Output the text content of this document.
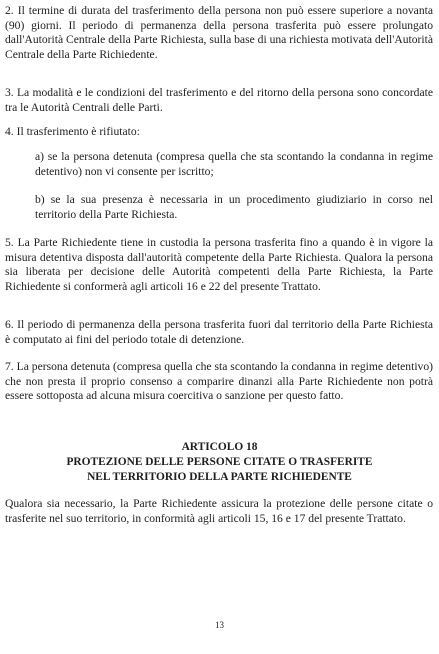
2. Il termine di durata del trasferimento della persona non può essere superiore a novanta (90) giorni. Il periodo di permanenza della persona trasferita può essere prolungato dall'Autorità Centrale della Parte Richiesta, sulla base di una richiesta motivata dell'Autorità Centrale della Parte Richiedente.

3. La modalità e le condizioni del trasferimento e del ritorno della persona sono concordate tra le Autorità Centrali delle Parti.

4. Il trasferimento è rifiutato:

a) se la persona detenuta (compresa quella che sta scontando la condanna in regime detentivo) non vi consente per iscritto;

b) se la sua presenza è necessaria in un procedimento giudiziario in corso nel territorio della Parte Richiesta.

5. La Parte Richiedente tiene in custodia la persona trasferita fino a quando è in vigore la misura detentiva disposta dall'autorità competente della Parte Richiesta. Qualora la persona sia liberata per decisione delle Autorità competenti della Parte Richiesta, la Parte Richiedente si conformerà agli articoli 16 e 22 del presente Trattato.

6. Il periodo di permanenza della persona trasferita fuori dal territorio della Parte Richiesta è computato ai fini del periodo totale di detenzione.

7. La persona detenuta (compresa quella che sta scontando la condanna in regime detentivo) che non presta il proprio consenso a comparire dinanzi alla Parte Richiedente non potrà essere sottoposta ad alcuna misura coercitiva o sanzione per questo fatto.

ARTICOLO 18
PROTEZIONE DELLE PERSONE CITATE O TRASFERITE
NEL TERRITORIO DELLA PARTE RICHIEDENTE

Qualora sia necessario, la Parte Richiedente assicura la protezione delle persone citate o trasferite nel suo territorio, in conformità agli articoli 15, 16 e 17 del presente Trattato.

13
